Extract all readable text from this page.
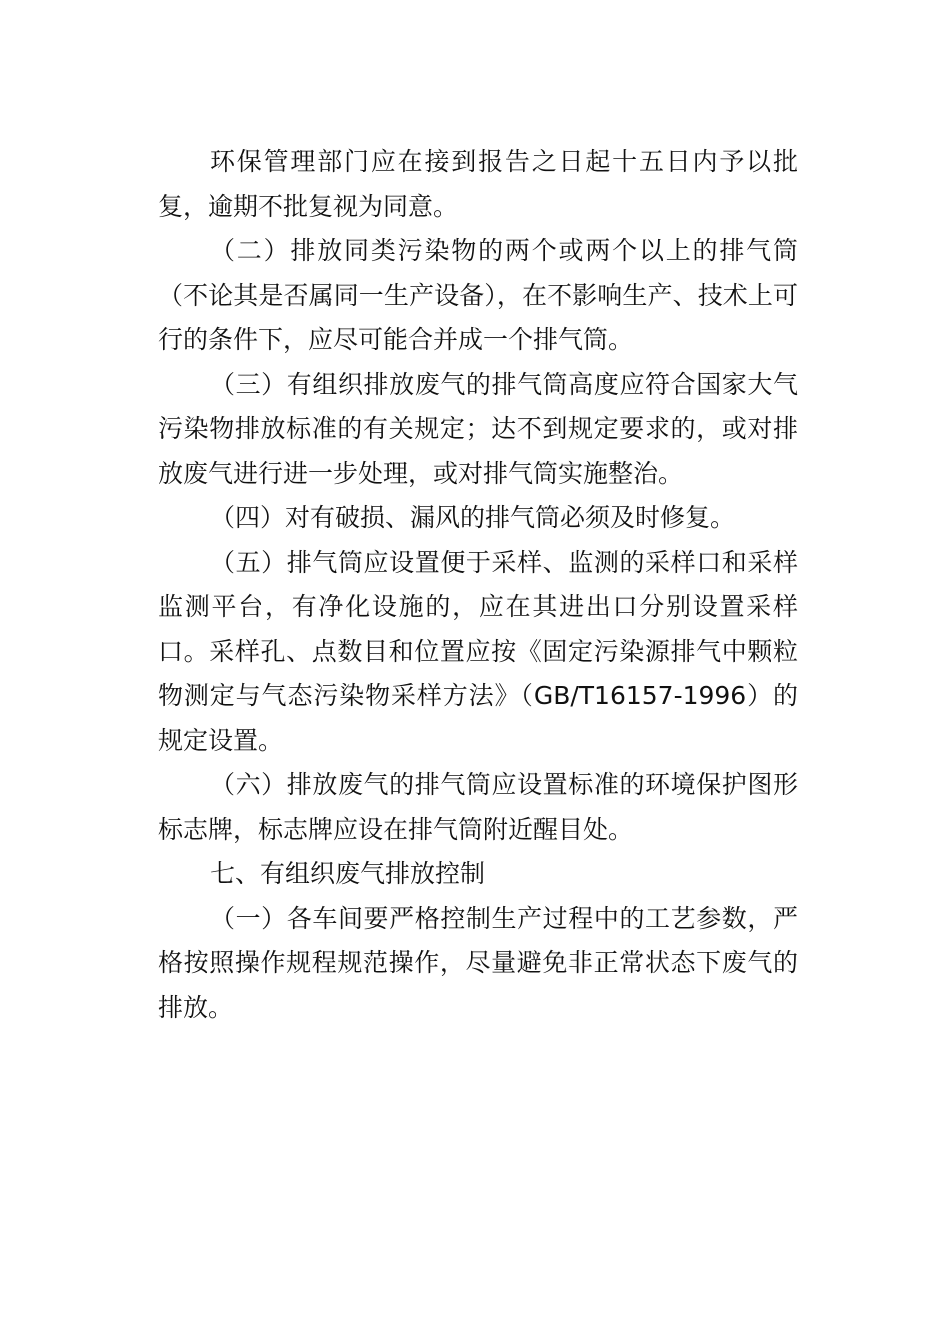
环保管理部门应在接到报告之日起十五日内予以批复，逾期不批复视为同意。

（二）排放同类污染物的两个或两个以上的排气筒（不论其是否属同一生产设备），在不影响生产、技术上可行的条件下，应尽可能合并成一个排气筒。

（三）有组织排放废气的排气筒高度应符合国家大气污染物排放标准的有关规定；达不到规定要求的，或对排放废气进行进一步处理，或对排气筒实施整治。

（四）对有破损、漏风的排气筒必须及时修复。

（五）排气筒应设置便于采样、监测的采样口和采样监测平台，有净化设施的，应在其进出口分别设置采样口。采样孔、点数目和位置应按《固定污染源排气中颗粒物测定与气态污染物采样方法》（GB/T16157-1996）的规定设置。

（六）排放废气的排气筒应设置标准的环境保护图形标志牌，标志牌应设在排气筒附近醒目处。

七、有组织废气排放控制

（一）各车间要严格控制生产过程中的工艺参数，严格按照操作规程规范操作，尽量避免非正常状态下废气的排放。
